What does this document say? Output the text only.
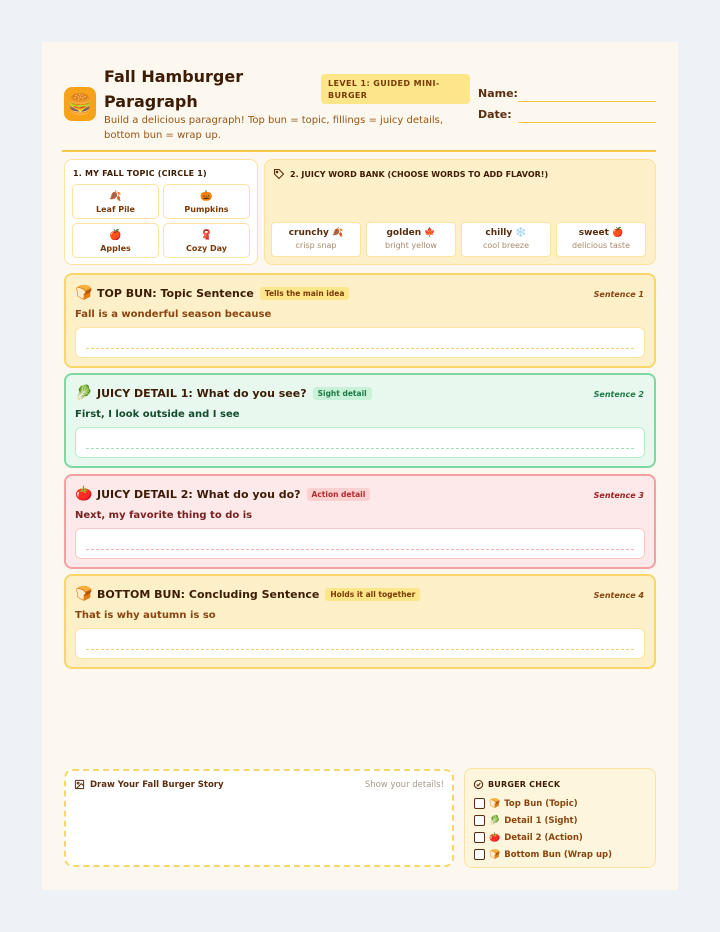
🍔
Fall Hamburger Paragraph
Build a delicious paragraph! Top bun = topic, fillings = juicy details, bottom bun = wrap up.
LEVEL 1: GUIDED MINI-BURGER	Name:
Date:
1. MY FALL TOPIC (CIRCLE 1)
🍂
Leaf Pile
🎃
Pumpkins
🍎
Apples
🧣
Cozy Day
2. JUICY WORD BANK (CHOOSE WORDS TO ADD FLAVOR!)
crunchy 🍂
crisp snap
golden 🍁
bright yellow
chilly ❄️
cool breeze
sweet 🍎
delicious taste
🍞 TOP BUN: Topic Sentence Tells the main idea	Sentence 1
Fall is a wonderful season because
🥬 JUICY DETAIL 1: What do you see? Sight detail	Sentence 2
First, I look outside and I see
🍅 JUICY DETAIL 2: What do you do? Action detail	Sentence 3
Next, my favorite thing to do is
🍞 BOTTOM BUN: Concluding Sentence Holds it all together	Sentence 4
That is why autumn is so
Draw Your Fall Burger Story	Show your details!	BURGER CHECK
🍞 Top Bun (Topic)
🥬 Detail 1 (Sight)
🍅 Detail 2 (Action)
🍞 Bottom Bun (Wrap up)
